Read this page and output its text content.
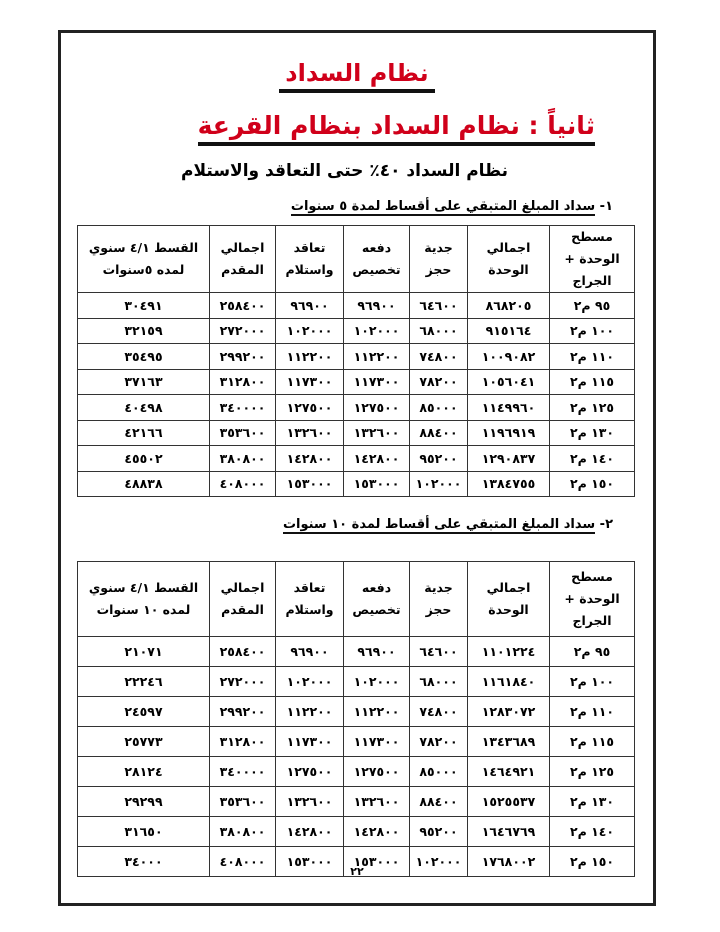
نظام السداد
ثانياً : نظام السداد بنظام القرعة
نظام السداد ٤٠٪ حتى التعاقد والاستلام
١- سداد المبلغ المتبقي على أقساط لمدة ٥ سنوات
مسطح الوحدة + الجراج	اجمالي الوحدة	جدية حجز	دفعه تخصيص	تعاقد واستلام	اجمالي المقدم	القسط ٤/١ سنوي لمده ٥سنوات
٩٥ م٢	٨٦٨٢٠٥	٦٤٦٠٠	٩٦٩٠٠	٩٦٩٠٠	٢٥٨٤٠٠	٣٠٤٩١
١٠٠ م٢	٩١٥١٦٤	٦٨٠٠٠	١٠٢٠٠٠	١٠٢٠٠٠	٢٧٢٠٠٠	٣٢١٥٩
١١٠ م٢	١٠٠٩٠٨٢	٧٤٨٠٠	١١٢٢٠٠	١١٢٢٠٠	٢٩٩٢٠٠	٣٥٤٩٥
١١٥ م٢	١٠٥٦٠٤١	٧٨٢٠٠	١١٧٣٠٠	١١٧٣٠٠	٣١٢٨٠٠	٣٧١٦٣
١٢٥ م٢	١١٤٩٩٦٠	٨٥٠٠٠	١٢٧٥٠٠	١٢٧٥٠٠	٣٤٠٠٠٠	٤٠٤٩٨
١٣٠ م٢	١١٩٦٩١٩	٨٨٤٠٠	١٣٢٦٠٠	١٣٢٦٠٠	٣٥٣٦٠٠	٤٢١٦٦
١٤٠ م٢	١٢٩٠٨٣٧	٩٥٢٠٠	١٤٢٨٠٠	١٤٢٨٠٠	٣٨٠٨٠٠	٤٥٥٠٢
١٥٠ م٢	١٣٨٤٧٥٥	١٠٢٠٠٠	١٥٣٠٠٠	١٥٣٠٠٠	٤٠٨٠٠٠	٤٨٨٣٨
٢- سداد المبلغ المتبقي على أقساط لمدة ١٠ سنوات
مسطح الوحدة + الجراج	اجمالي الوحدة	جدية حجز	دفعه تخصيص	تعاقد واستلام	اجمالي المقدم	القسط ٤/١ سنوي لمده ١٠ سنوات
٩٥ م٢	١١٠١٢٢٤	٦٤٦٠٠	٩٦٩٠٠	٩٦٩٠٠	٢٥٨٤٠٠	٢١٠٧١
١٠٠ م٢	١١٦١٨٤٠	٦٨٠٠٠	١٠٢٠٠٠	١٠٢٠٠٠	٢٧٢٠٠٠	٢٢٢٤٦
١١٠ م٢	١٢٨٣٠٧٢	٧٤٨٠٠	١١٢٢٠٠	١١٢٢٠٠	٢٩٩٢٠٠	٢٤٥٩٧
١١٥ م٢	١٣٤٣٦٨٩	٧٨٢٠٠	١١٧٣٠٠	١١٧٣٠٠	٣١٢٨٠٠	٢٥٧٧٣
١٢٥ م٢	١٤٦٤٩٢١	٨٥٠٠٠	١٢٧٥٠٠	١٢٧٥٠٠	٣٤٠٠٠٠	٢٨١٢٤
١٣٠ م٢	١٥٢٥٥٣٧	٨٨٤٠٠	١٣٢٦٠٠	١٣٢٦٠٠	٣٥٣٦٠٠	٢٩٢٩٩
١٤٠ م٢	١٦٤٦٧٦٩	٩٥٢٠٠	١٤٢٨٠٠	١٤٢٨٠٠	٣٨٠٨٠٠	٣١٦٥٠
١٥٠ م٢	١٧٦٨٠٠٢	١٠٢٠٠٠	١٥٣٠٠٠	١٥٣٠٠٠	٤٠٨٠٠٠	٣٤٠٠٠
٢٢
